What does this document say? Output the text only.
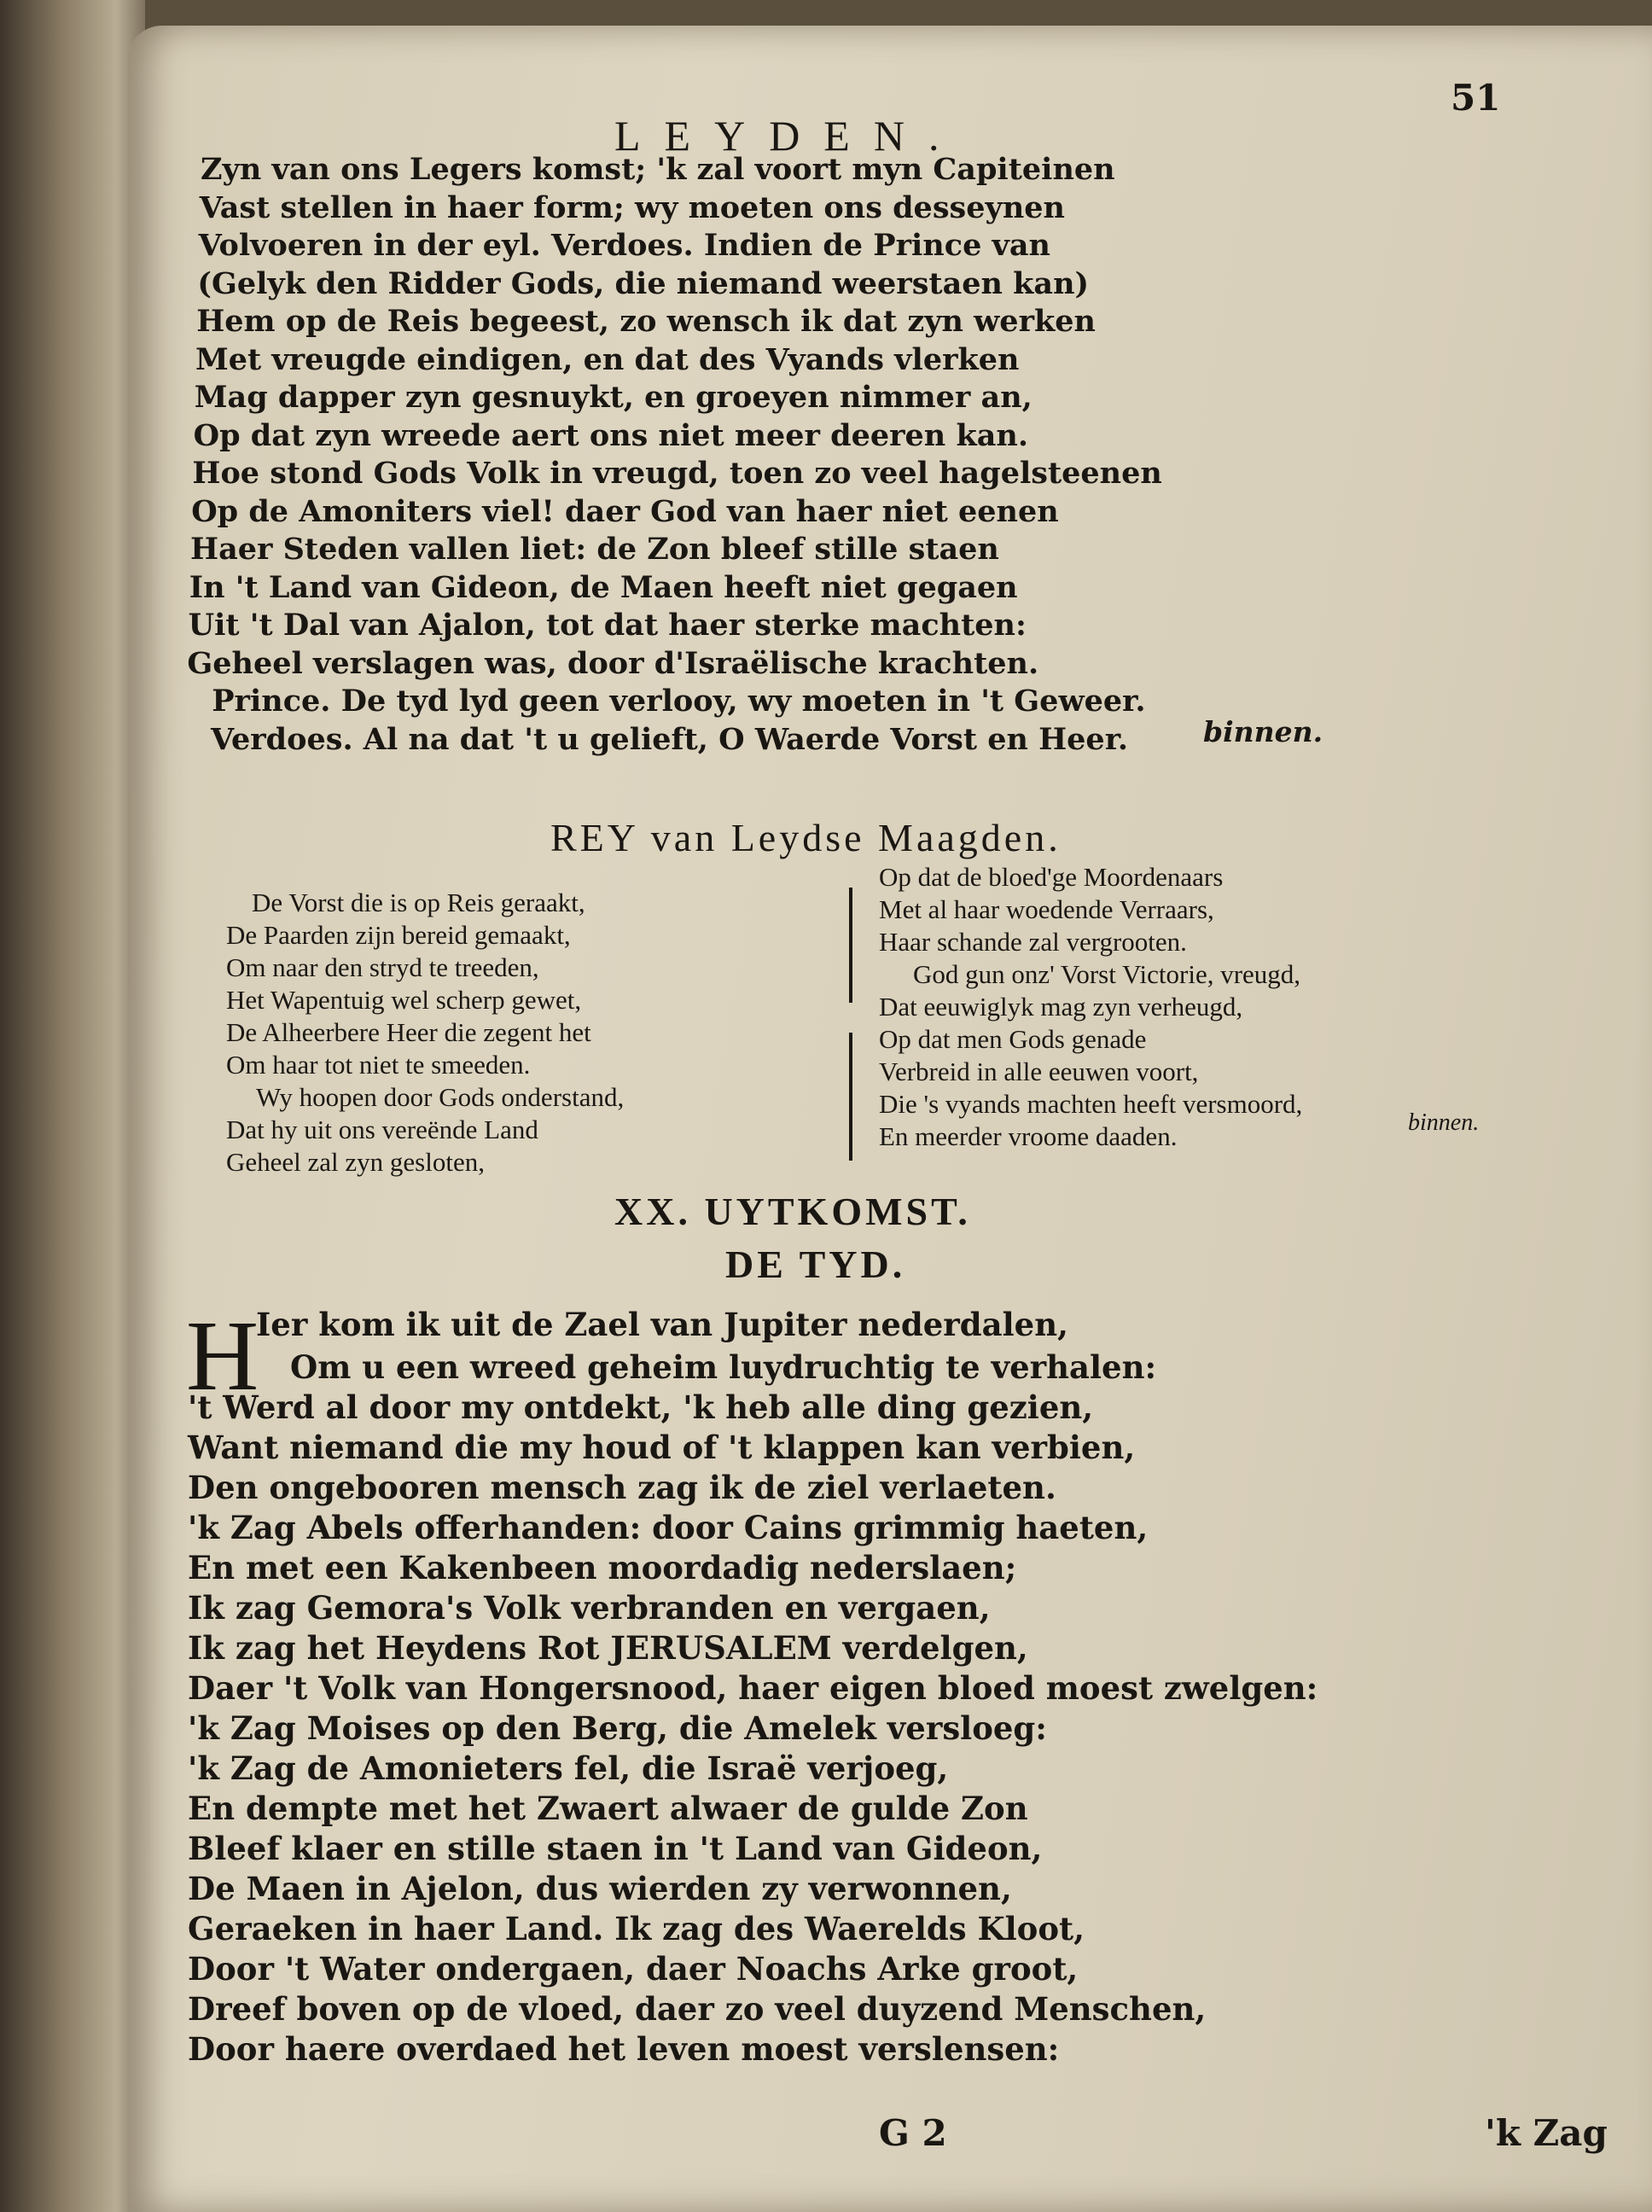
51
LEYDEN.
Zyn van ons Legers komst; 'k zal voort myn Capiteinen
Vast stellen in haer form; wy moeten ons desseynen
Volvoeren in der eyl. Verdoes. Indien de Prince van
(Gelyk den Ridder Gods, die niemand weerstaen kan)
Hem op de Reis begeest, zo wensch ik dat zyn werken
Met vreugde eindigen, en dat des Vyands vlerken
Mag dapper zyn gesnuykt, en groeyen nimmer an,
Op dat zyn wreede aert ons niet meer deeren kan.
Hoe stond Gods Volk in vreugd, toen zo veel hagelsteenen
Op de Amoniters viel! daer God van haer niet eenen
Haer Steden vallen liet: de Zon bleef stille staen
In 't Land van Gideon, de Maen heeft niet gegaen
Uit 't Dal van Ajalon, tot dat haer sterke machten:
Geheel verslagen was, door d'Israëlische krachten.
Prince. De tyd lyd geen verlooy, wy moeten in 't Geweer.
Verdoes. Al na dat 't u gelieft, O Waerde Vorst en Heer.	binnen.
REY van Leydse Maagden.
De Vorst die is op Reis geraakt,
De Paarden zijn bereid gemaakt,
Om naar den stryd te treeden,
Het Wapentuig wel scherp gewet,
De Alheerbere Heer die zegent het
Om haar tot niet te smeeden.
Wy hoopen door Gods onderstand,
Dat hy uit ons vereënde Land
Geheel zal zyn gesloten,
Op dat de bloed'ge Moordenaars
Met al haar woedende Verraars,
Haar schande zal vergrooten.
God gun onz' Vorst Victorie, vreugd,
Dat eeuwiglyk mag zyn verheugd,
Op dat men Gods genade
Verbreid in alle eeuwen voort,
Die 's vyands machten heeft versmoord,
En meerder vroome daaden.	binnen.
XX. UYTKOMST.
DE TYD.
H
Ier kom ik uit de Zael van Jupiter nederdalen,
Om u een wreed geheim luydruchtig te verhalen:
't Werd al door my ontdekt, 'k heb alle ding gezien,
Want niemand die my houd of 't klappen kan verbien,
Den ongebooren mensch zag ik de ziel verlaeten.
'k Zag Abels offerhanden: door Cains grimmig haeten,
En met een Kakenbeen moordadig nederslaen;
Ik zag Gemora's Volk verbranden en vergaen,
Ik zag het Heydens Rot JERUSALEM verdelgen,
Daer 't Volk van Hongersnood, haer eigen bloed moest zwelgen:
'k Zag Moises op den Berg, die Amelek versloeg:
'k Zag de Amonieters fel, die Israë verjoeg,
En dempte met het Zwaert alwaer de gulde Zon
Bleef klaer en stille staen in 't Land van Gideon,
De Maen in Ajelon, dus wierden zy verwonnen,
Geraeken in haer Land. Ik zag des Waerelds Kloot,
Door 't Water ondergaen, daer Noachs Arke groot,
Dreef boven op de vloed, daer zo veel duyzend Menschen,
Door haere overdaed het leven moest verslensen:
G 2	'k Zag
